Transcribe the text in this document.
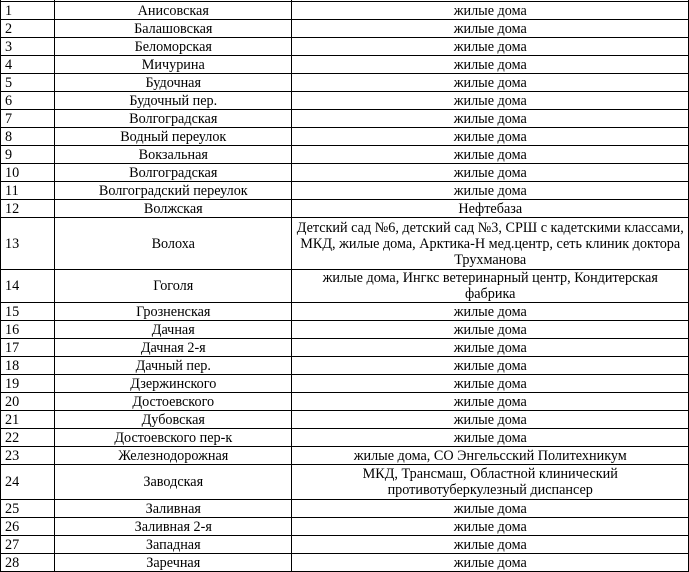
1	Анисовская	жилые дома
2	Балашовская	жилые дома
3	Беломорская	жилые дома
4	Мичурина	жилые дома
5	Будочная	жилые дома
6	Будочный пер.	жилые дома
7	Волгоградская	жилые дома
8	Водный переулок	жилые дома
9	Вокзальная	жилые дома
10	Волгоградская	жилые дома
11	Волгоградский переулок	жилые дома
12	Волжская	Нефтебаза
13	Волоха	Детский сад №6, детский сад №3, СРШ с кадетскими классами, МКД, жилые дома, Арктика-Н мед.центр, сеть клиник доктора Трухманова
14	Гоголя	жилые дома, Ингкс ветеринарный центр, Кондитерская фабрика
15	Грозненская	жилые дома
16	Дачная	жилые дома
17	Дачная 2-я	жилые дома
18	Дачный пер.	жилые дома
19	Дзержинского	жилые дома
20	Достоевского	жилые дома
21	Дубовская	жилые дома
22	Достоевского пер-к	жилые дома
23	Железнодорожная	жилые дома, СО Энгельсский Политехникум
24	Заводская	МКД, Трансмаш, Областной клинический противотуберкулезный диспансер
25	Заливная	жилые дома
26	Заливная 2-я	жилые дома
27	Западная	жилые дома
28	Заречная	жилые дома
